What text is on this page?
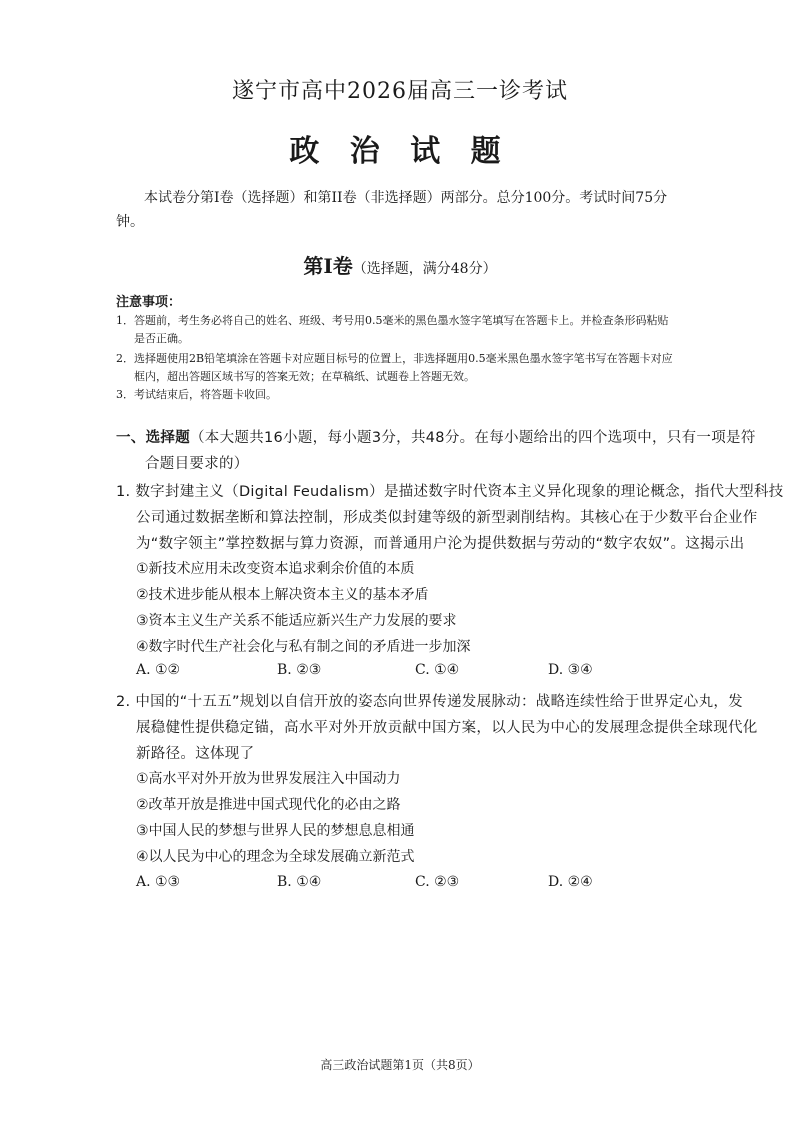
遂宁市高中2026届高三一诊考试
政 治 试 题
本试卷分第Ⅰ卷（选择题）和第II卷（非选择题）两部分。总分100分。考试时间75分钟。
第Ⅰ卷（选择题，满分48分）
注意事项：
1．答题前，考生务必将自己的姓名、班级、考号用0.5毫米的黑色墨水签字笔填写在答题卡上。并检查条形码粘贴
是否正确。
2．选择题使用2B铅笔填涂在答题卡对应题目标号的位置上，非选择题用0.5毫米黑色墨水签字笔书写在答题卡对应
框内，超出答题区域书写的答案无效；在草稿纸、试题卷上答题无效。
3．考试结束后，将答题卡收回。
一、选择题（本大题共16小题，每小题3分，共48分。在每小题给出的四个选项中，只有一项是符
合题目要求的）
1. 数字封建主义（Digital Feudalism）是描述数字时代资本主义异化现象的理论概念，指代大型科技
公司通过数据垄断和算法控制，形成类似封建等级的新型剥削结构。其核心在于少数平台企业作
为“数字领主”掌控数据与算力资源，而普通用户沦为提供数据与劳动的“数字农奴”。这揭示出
①新技术应用未改变资本追求剩余价值的本质
②技术进步能从根本上解决资本主义的基本矛盾
③资本主义生产关系不能适应新兴生产力发展的要求
④数字时代生产社会化与私有制之间的矛盾进一步加深
A. ①②	B. ②③	C. ①④	D. ③④
2. 中国的“十五五”规划以自信开放的姿态向世界传递发展脉动：战略连续性给于世界定心丸，发
展稳健性提供稳定锚，高水平对外开放贡献中国方案，以人民为中心的发展理念提供全球现代化
新路径。这体现了
①高水平对外开放为世界发展注入中国动力
②改革开放是推进中国式现代化的必由之路
③中国人民的梦想与世界人民的梦想息息相通
④以人民为中心的理念为全球发展确立新范式
A. ①③	B. ①④	C. ②③	D. ②④
高三政治试题第1页（共8页）
